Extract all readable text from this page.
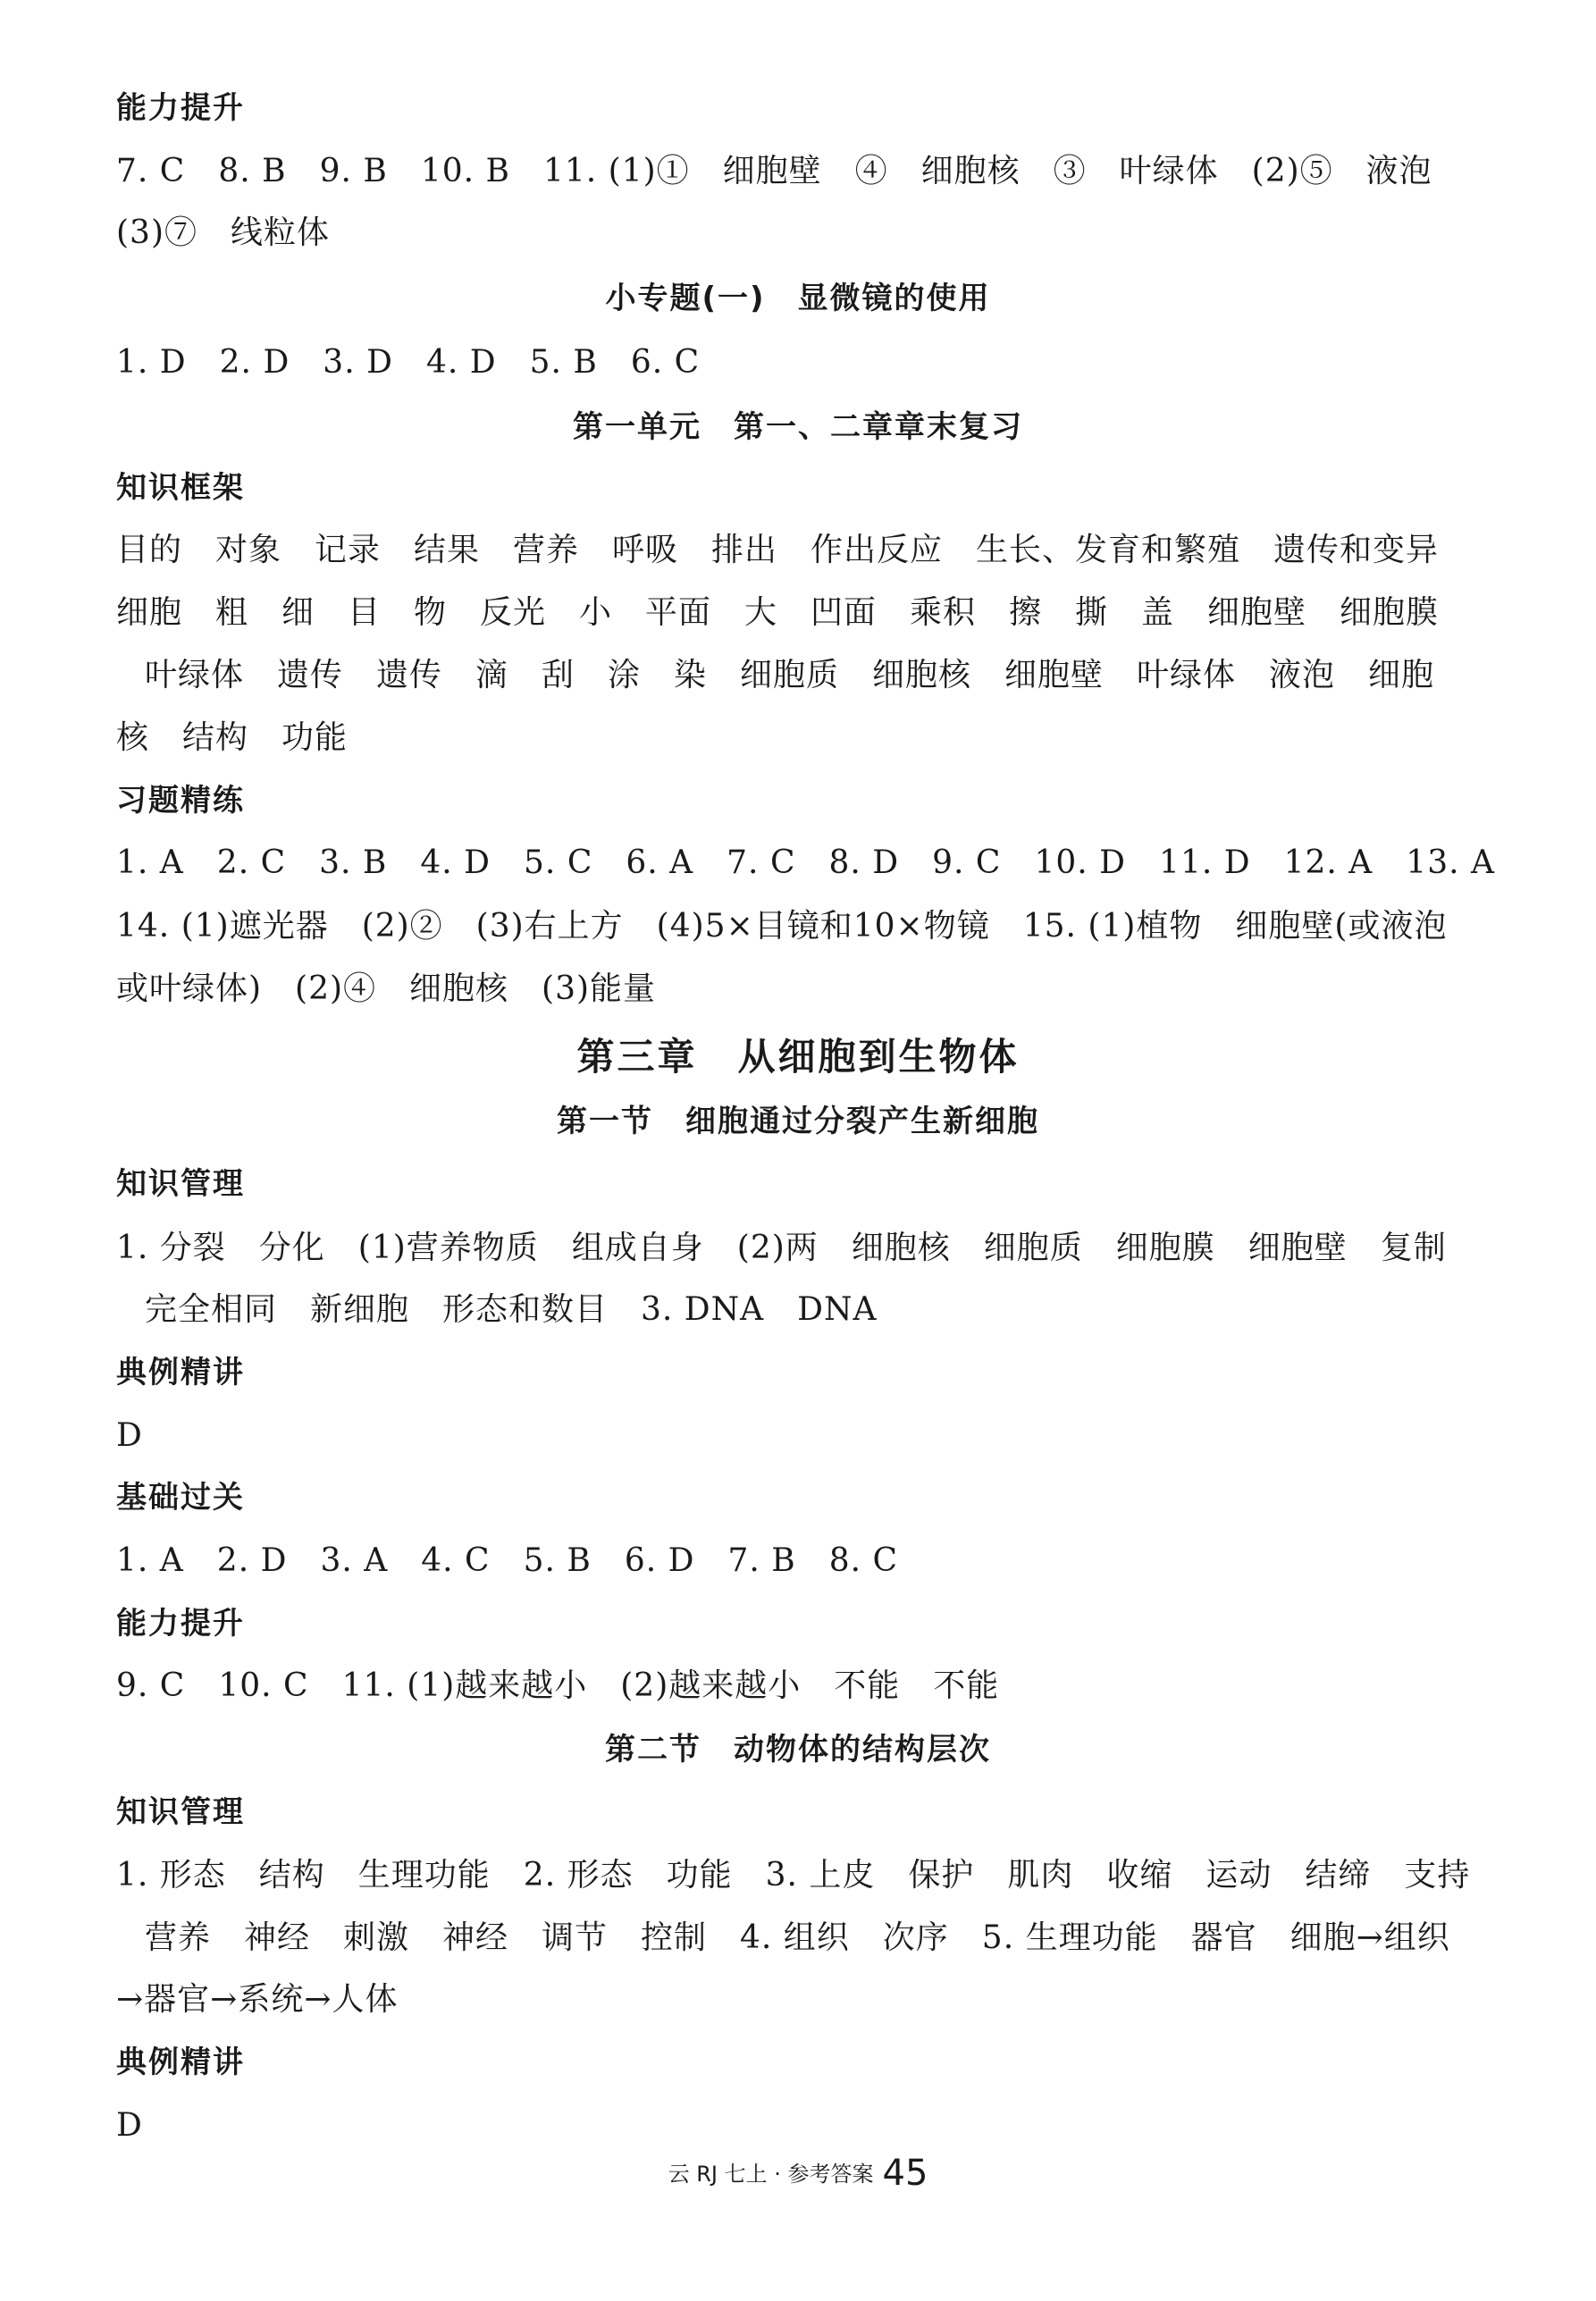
能力提升
7. C　8. B　9. B　10. B　11. (1)①　细胞壁　④　细胞核　③　叶绿体　(2)⑤　液泡
(3)⑦　线粒体
小专题(一)　显微镜的使用
1. D　2. D　3. D　4. D　5. B　6. C
第一单元　第一、二章章末复习
知识框架
目的　对象　记录　结果　营养　呼吸　排出　作出反应　生长、发育和繁殖　遗传和变异
细胞　粗　细　目　物　反光　小　平面　大　凹面　乘积　擦　撕　盖　细胞壁　细胞膜
叶绿体　遗传　遗传　滴　刮　涂　染　细胞质　细胞核　细胞壁　叶绿体　液泡　细胞
核　结构　功能
习题精练
1. A　2. C　3. B　4. D　5. C　6. A　7. C　8. D　9. C　10. D　11. D　12. A　13. A
14. (1)遮光器　(2)②　(3)右上方　(4)5×目镜和10×物镜　15. (1)植物　细胞壁(或液泡
或叶绿体)　(2)④　细胞核　(3)能量
第三章　从细胞到生物体
第一节　细胞通过分裂产生新细胞
知识管理
1. 分裂　分化　(1)营养物质　组成自身　(2)两　细胞核　细胞质　细胞膜　细胞壁　复制
完全相同　新细胞　形态和数目　3. DNA　DNA
典例精讲
D
基础过关
1. A　2. D　3. A　4. C　5. B　6. D　7. B　8. C
能力提升
9. C　10. C　11. (1)越来越小　(2)越来越小　不能　不能
第二节　动物体的结构层次
知识管理
1. 形态　结构　生理功能　2. 形态　功能　3. 上皮　保护　肌肉　收缩　运动　结缔　支持
营养　神经　刺激　神经　调节　控制　4. 组织　次序　5. 生理功能　器官　细胞→组织
→器官→系统→人体
典例精讲
D
云 RJ 七上 · 参考答案 45
